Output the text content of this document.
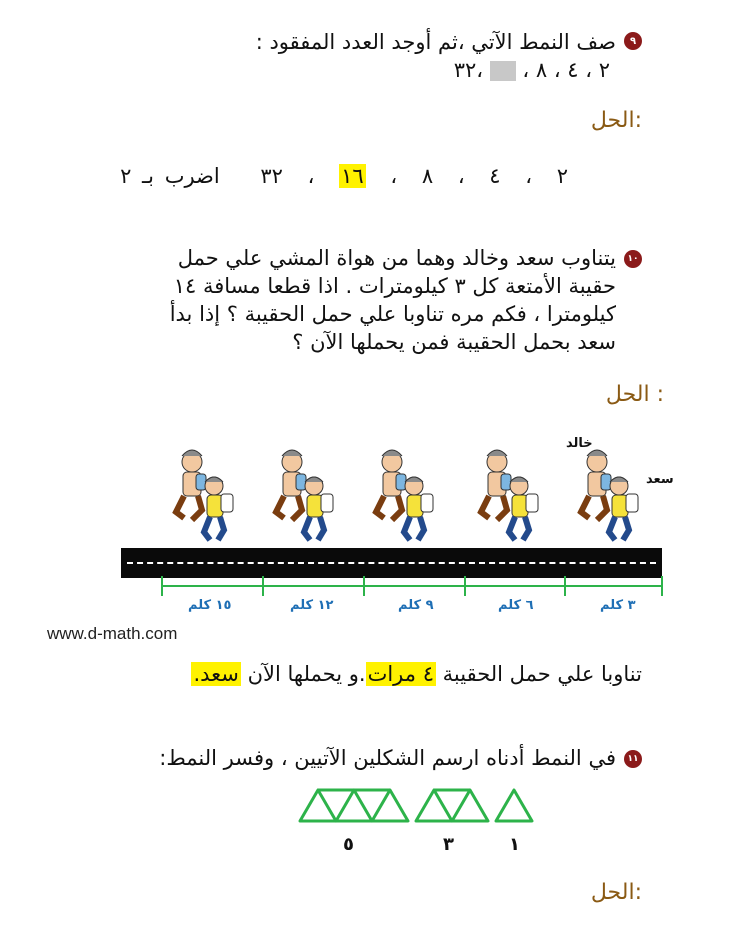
٩
صف النمط الآتي ،ثم أوجد العدد المفقود :
٢ ، ٤ ، ٨ ،  ،٣٢
الحل:
٢ ، ٤ ، ٨ ، ١٦ ، ٣٢ اضرب بـ ٢
١٠
يتناوب سعد وخالد وهما من هواة المشي علي حمل
حقيبة الأمتعة كل ٣ كيلومترات . اذا قطعا مسافة ١٤
كيلومترا ، فكم مره تناوبا علي حمل الحقيبة ؟ إذا بدأ
سعد بحمل الحقيبة فمن يحملها الآن ؟
الحل :
خالد
سعد
١٥ كلم	١٢ كلم	٩ كلم	٦ كلم	٣ كلم
www.d-math.com
تناوبا علي حمل الحقيبة ٤ مرات.و يحملها الآن سعد.
١١
في النمط أدناه ارسم الشكلين الآتيين ، وفسر النمط:
٥	٣	١
الحل:
